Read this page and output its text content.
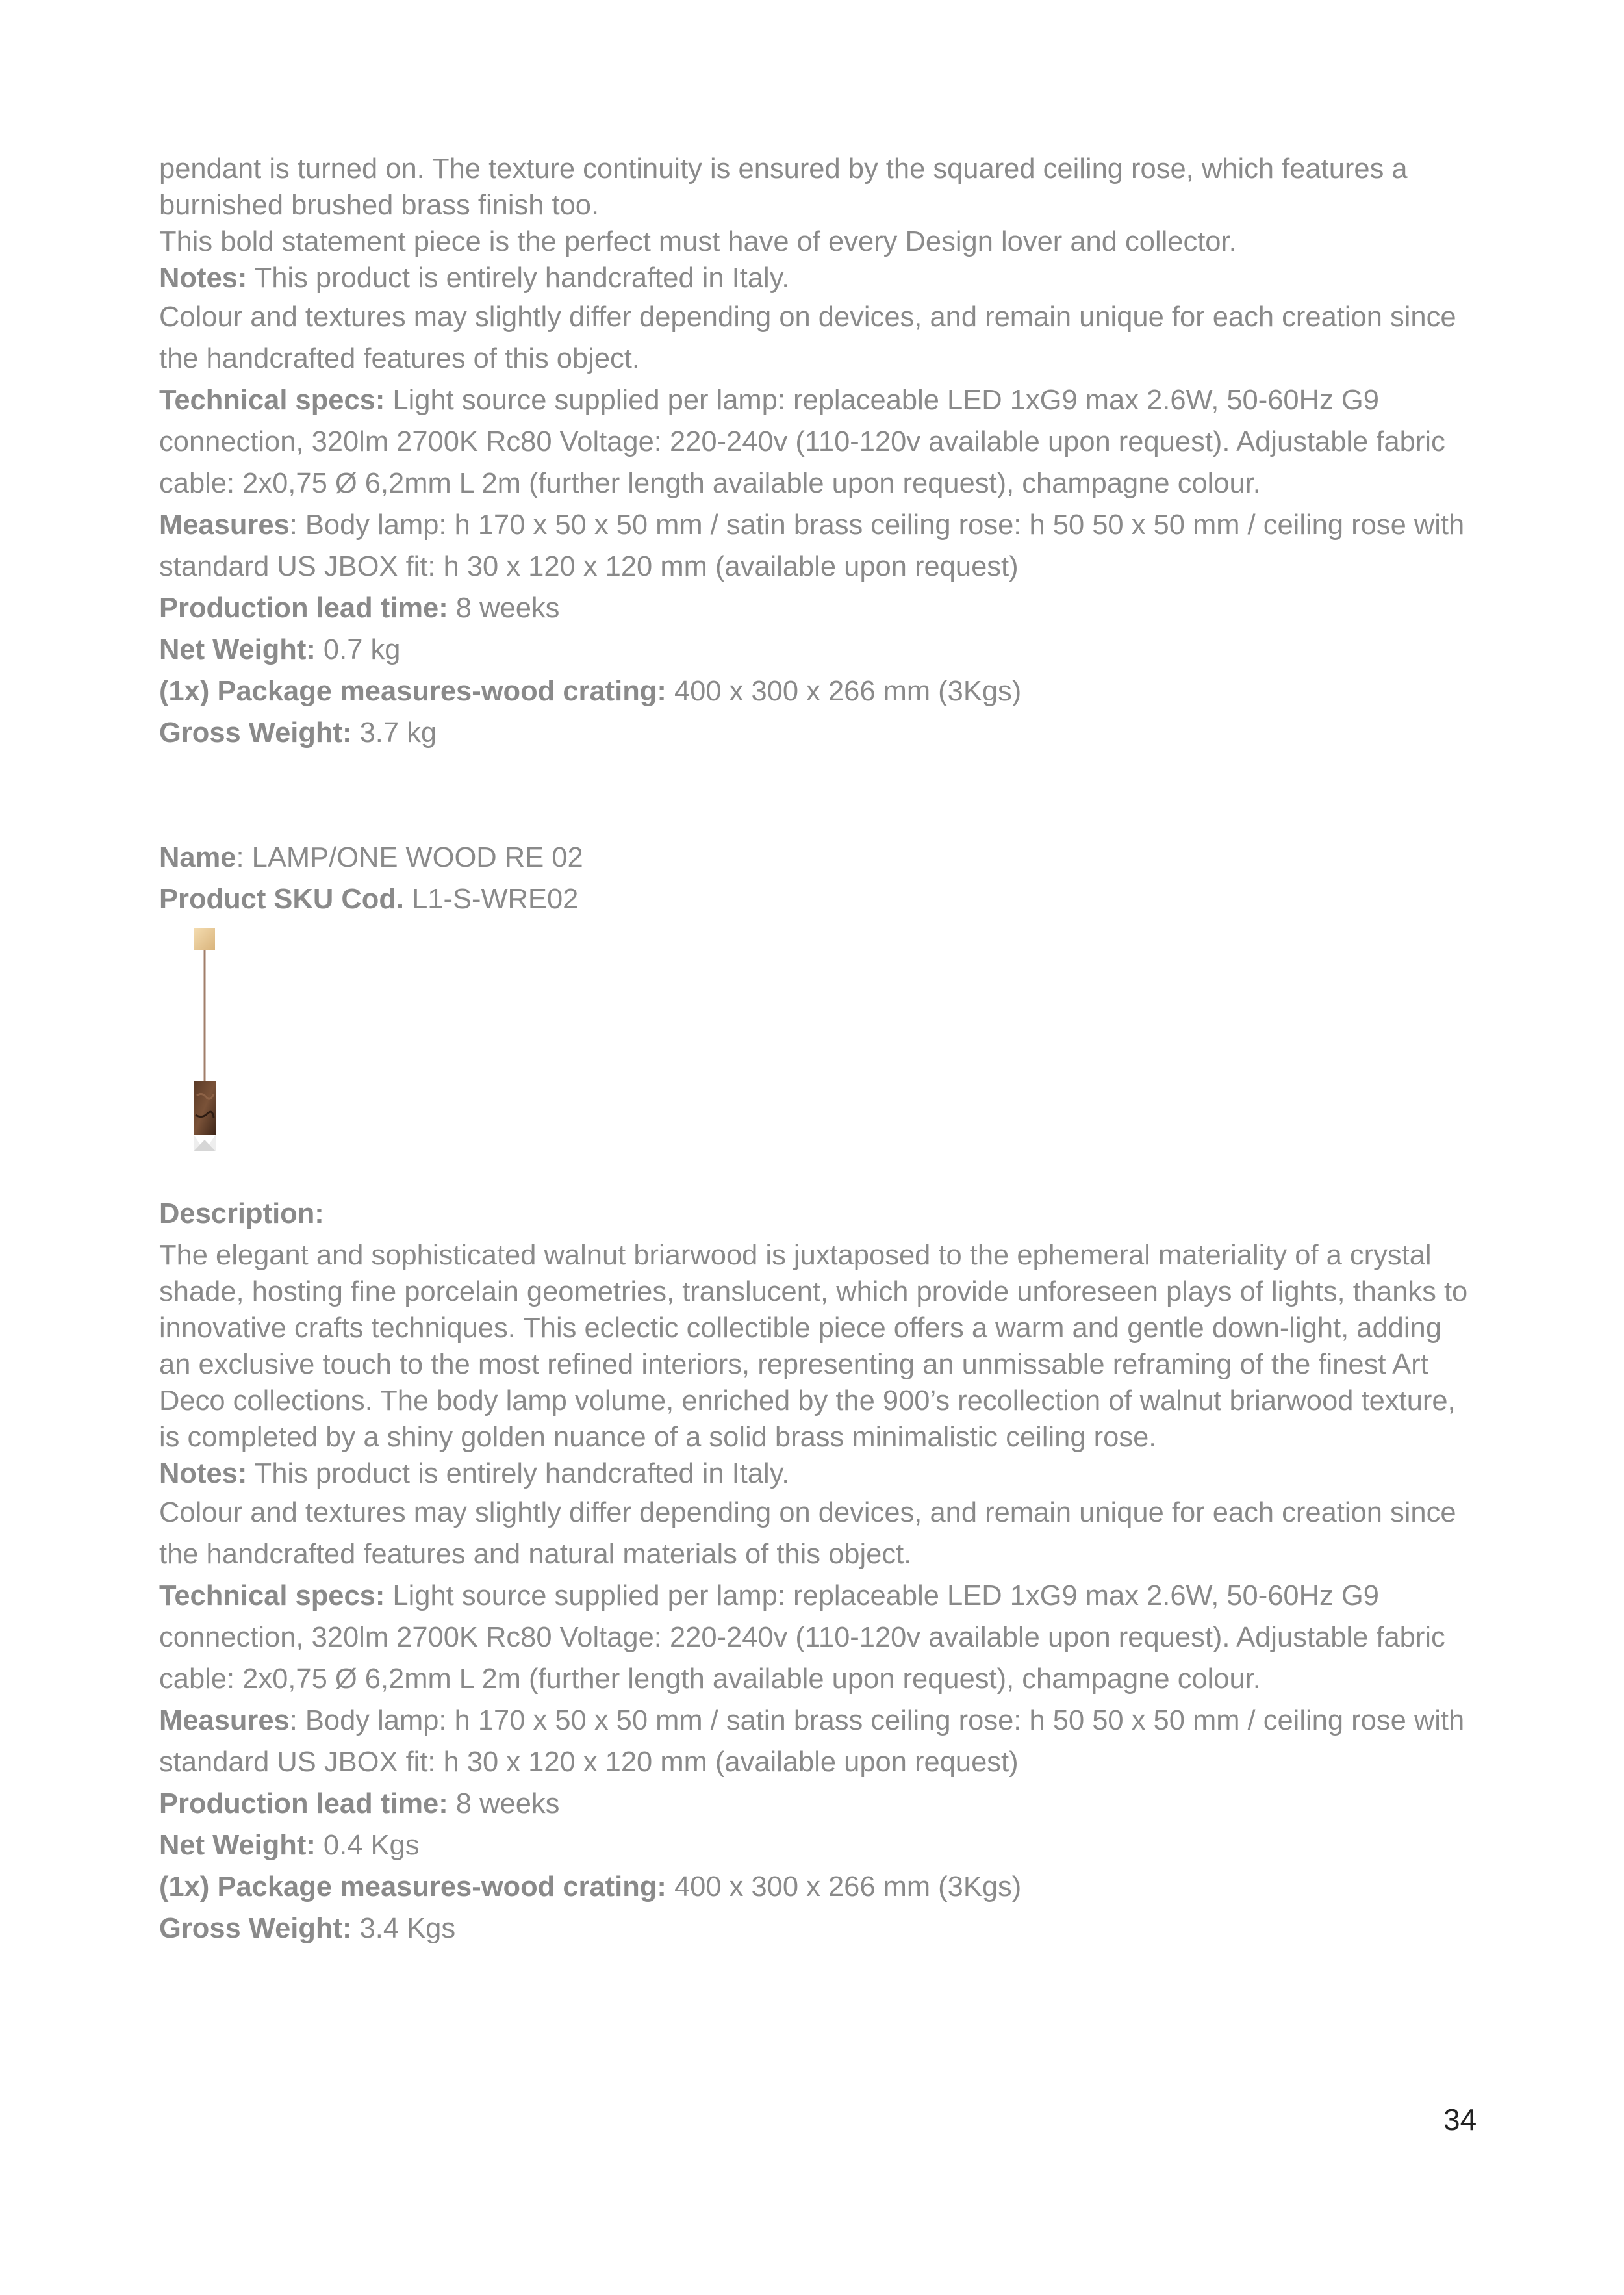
pendant is turned on. The texture continuity is ensured by the squared ceiling rose, which features a burnished brushed brass finish too.

This bold statement piece is the perfect must have of every Design lover and collector.

Notes: This product is entirely handcrafted in Italy.

Colour and textures may slightly differ depending on devices, and remain unique for each creation since the handcrafted features of this object.

Technical specs: Light source supplied per lamp: replaceable LED 1xG9 max 2.6W, 50-60Hz G9 connection, 320lm 2700K Rc80 Voltage: 220-240v (110-120v available upon request). Adjustable fabric cable: 2x0,75 Ø 6,2mm L 2m (further length available upon request), champagne colour.

Measures: Body lamp: h 170 x 50 x 50 mm / satin brass ceiling rose: h 50 50 x 50 mm / ceiling rose with standard US JBOX fit: h 30 x 120 x 120 mm (available upon request)

Production lead time: 8 weeks

Net Weight: 0.7 kg

(1x) Package measures-wood crating: 400 x 300 x 266 mm (3Kgs)

Gross Weight: 3.7 kg

Name: LAMP/ONE WOOD RE 02

Product SKU Cod. L1-S-WRE02

Description:

The elegant and sophisticated walnut briarwood is juxtaposed to the ephemeral materiality of a crystal shade, hosting fine porcelain geometries, translucent, which provide unforeseen plays of lights, thanks to innovative crafts techniques. This eclectic collectible piece offers a warm and gentle down-light, adding an exclusive touch to the most refined interiors, representing an unmissable reframing of the finest Art Deco collections. The body lamp volume, enriched by the 900’s recollection of walnut briarwood texture, is completed by a shiny golden nuance of a solid brass minimalistic ceiling rose.

Notes: This product is entirely handcrafted in Italy.

Colour and textures may slightly differ depending on devices, and remain unique for each creation since the handcrafted features and natural materials of this object.

Technical specs: Light source supplied per lamp: replaceable LED 1xG9 max 2.6W, 50-60Hz G9 connection, 320lm 2700K Rc80 Voltage: 220-240v (110-120v available upon request). Adjustable fabric cable: 2x0,75 Ø 6,2mm L 2m (further length available upon request), champagne colour.

Measures: Body lamp: h 170 x 50 x 50 mm / satin brass ceiling rose: h 50 50 x 50 mm / ceiling rose with standard US JBOX fit: h 30 x 120 x 120 mm (available upon request)

Production lead time: 8 weeks

Net Weight: 0.4 Kgs

(1x) Package measures-wood crating: 400 x 300 x 266 mm (3Kgs)

Gross Weight: 3.4 Kgs

34
